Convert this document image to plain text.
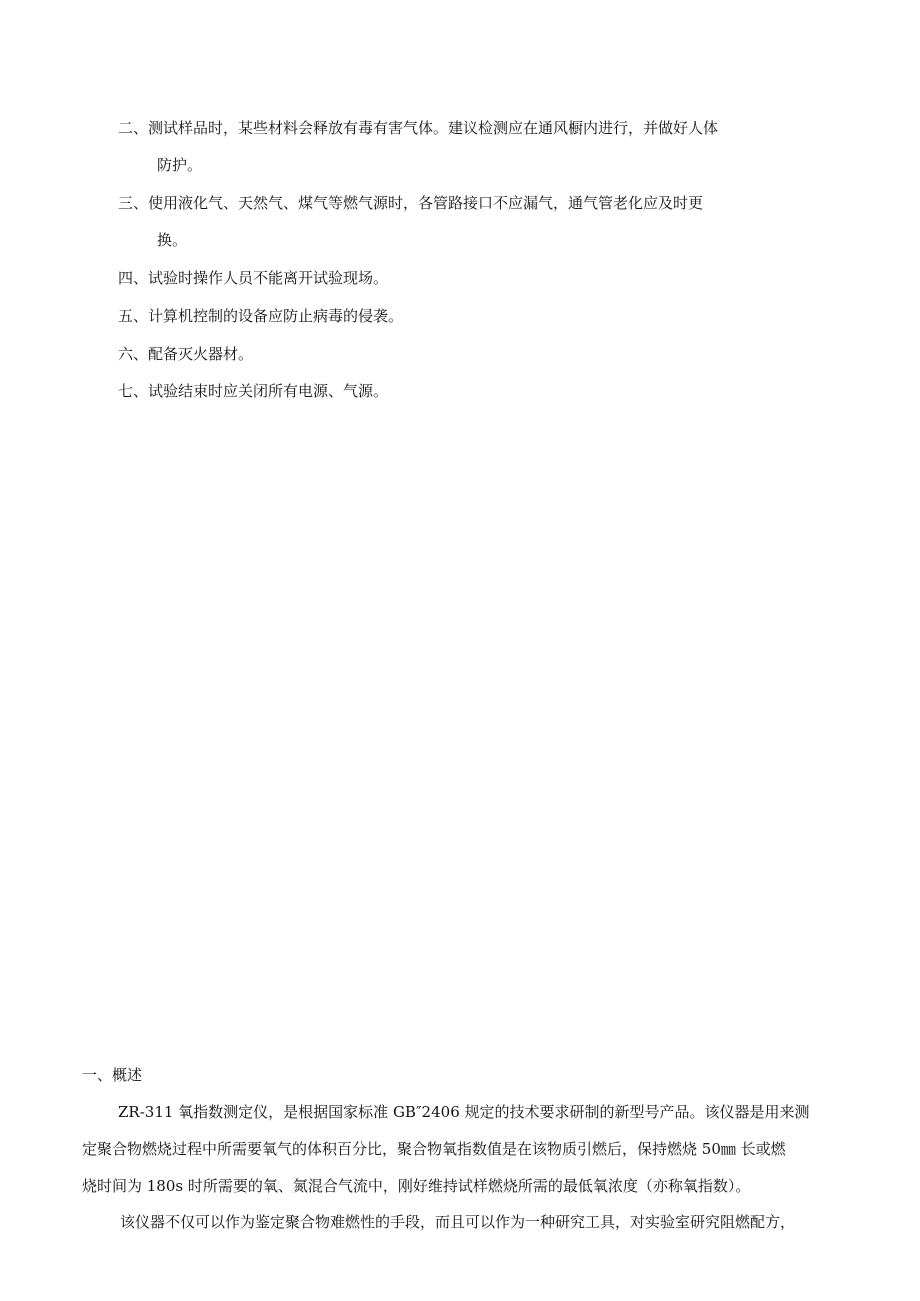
二、测试样品时，某些材料会释放有毒有害气体。建议检测应在通风橱内进行，并做好人体
防护。
三、使用液化气、天然气、煤气等燃气源时，各管路接口不应漏气，通气管老化应及时更
换。
四、试验时操作人员不能离开试验现场。
五、计算机控制的设备应防止病毒的侵袭。
六、配备灭火器材。
七、试验结束时应关闭所有电源、气源。
一、概述
ZR-311 氧指数测定仪，是根据国家标准 GB″2406 规定的技术要求研制的新型号产品。该仪器是用来测
定聚合物燃烧过程中所需要氧气的体积百分比，聚合物氧指数值是在该物质引燃后，保持燃烧 50㎜ 长或燃
烧时间为 180s 时所需要的氧、氮混合气流中，刚好维持试样燃烧所需的最低氧浓度（亦称氧指数）。
该仪器不仅可以作为鉴定聚合物难燃性的手段，而且可以作为一种研究工具，对实验室研究阻燃配方，
